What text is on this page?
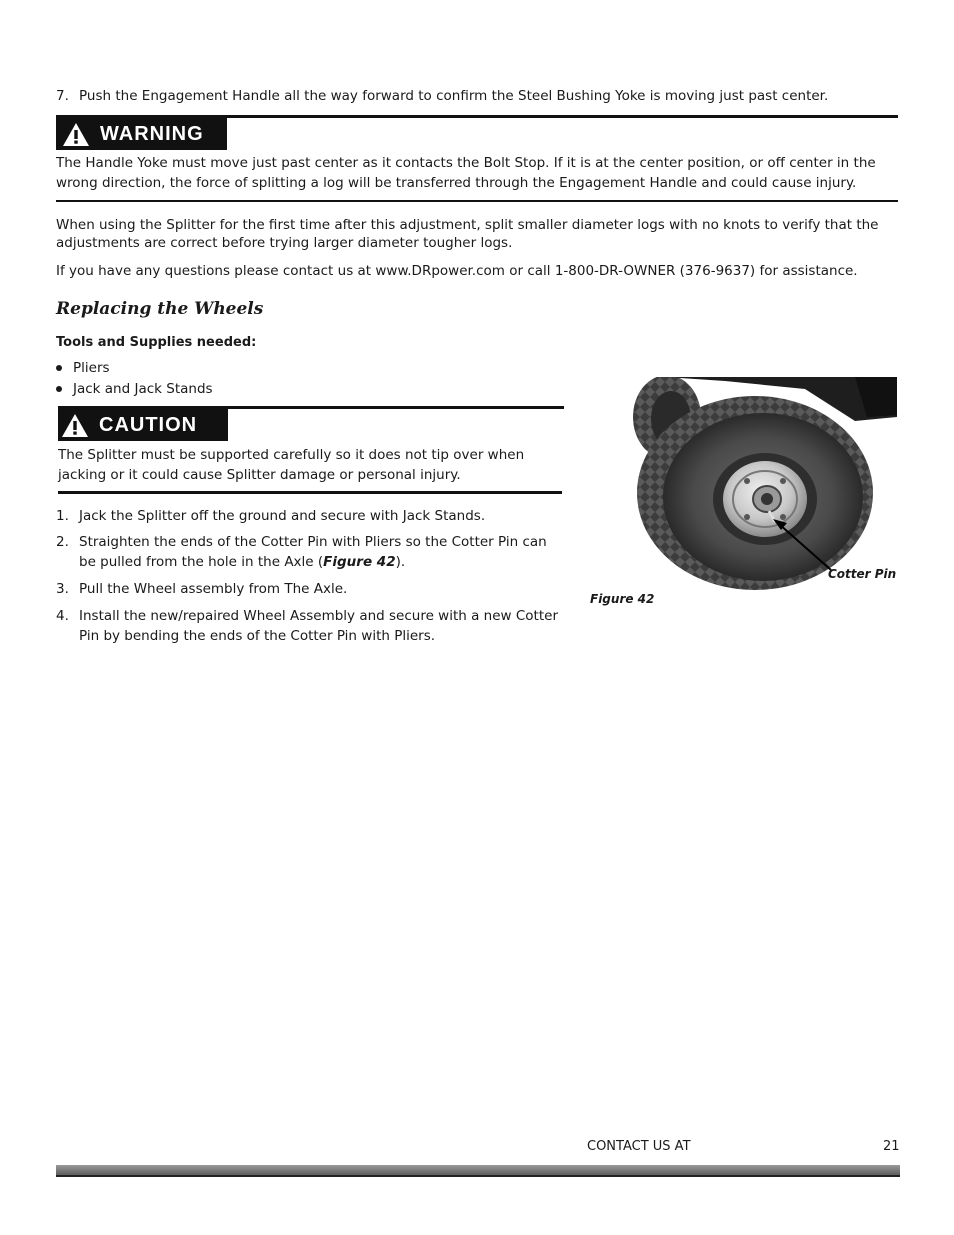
7. Push the Engagement Handle all the way forward to confirm the Steel Bushing Yoke is moving just past center.
WARNING
The Handle Yoke must move just past center as it contacts the Bolt Stop. If it is at the center position, or off center in the wrong direction, the force of splitting a log will be transferred through the Engagement Handle and could cause injury.
When using the Splitter for the first time after this adjustment, split smaller diameter logs with no knots to verify that the adjustments are correct before trying larger diameter tougher logs.
If you have any questions please contact us at www.DRpower.com or call 1-800-DR-OWNER (376-9637) for assistance.
Replacing the Wheels
Tools and Supplies needed:
Pliers
Jack and Jack Stands
CAUTION
The Splitter must be supported carefully so it does not tip over when jacking or it could cause Splitter damage or personal injury.
1. Jack the Splitter off the ground and secure with Jack Stands.
2. Straighten the ends of the Cotter Pin with Pliers so the Cotter Pin can be pulled from the hole in the Axle (Figure 42).
3. Pull the Wheel assembly from The Axle.
4. Install the new/repaired Wheel Assembly and secure with a new Cotter Pin by bending the ends of the Cotter Pin with Pliers.
Cotter Pin
Figure 42
CONTACT US AT	21
